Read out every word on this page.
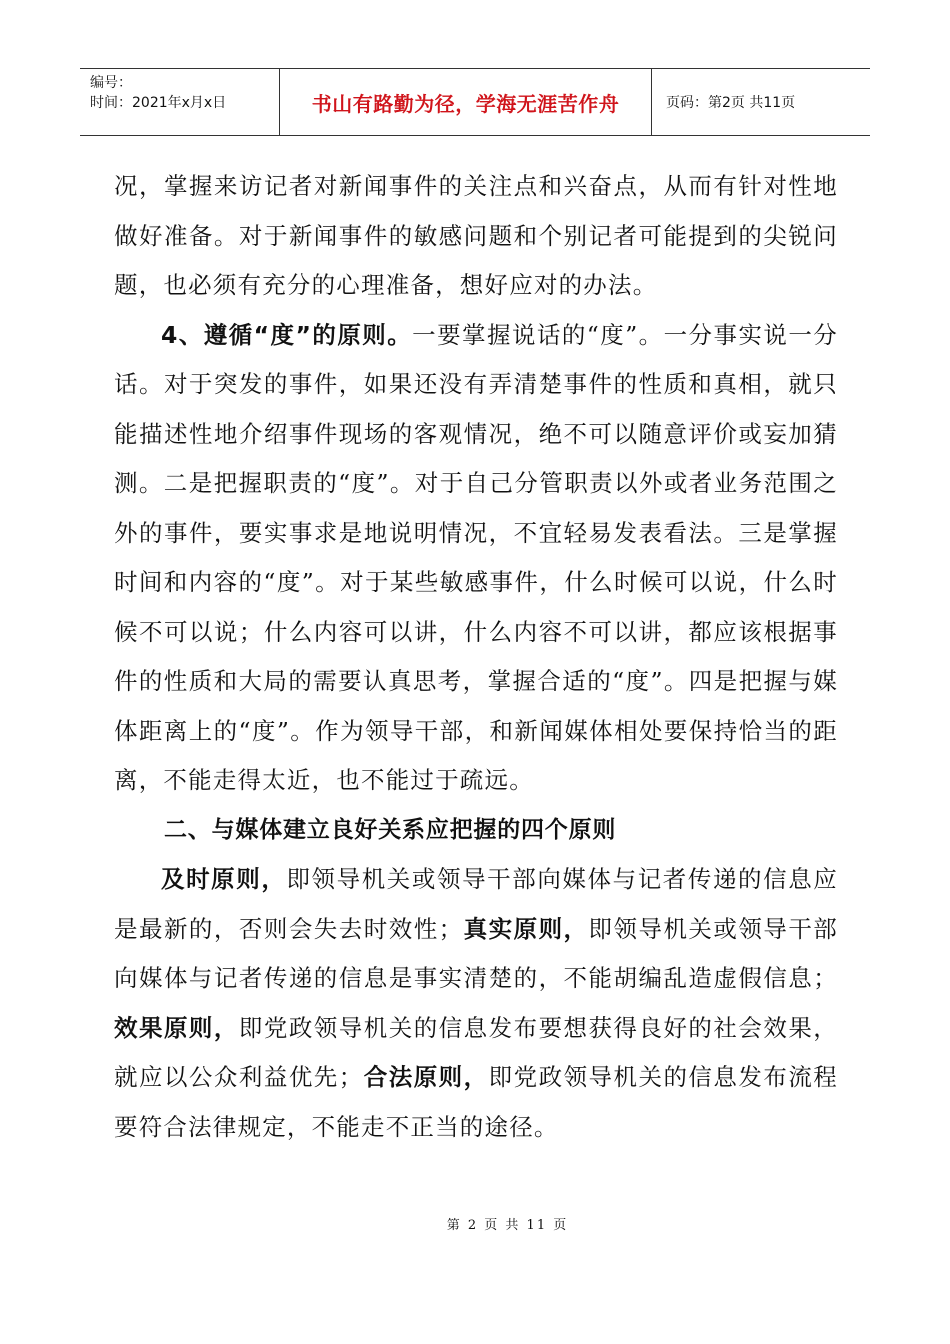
编号：
时间：2021年x月x日	书山有路勤为径，学海无涯苦作舟	页码：第2页 共11页

况，掌握来访记者对新闻事件的关注点和兴奋点，从而有针对性地做好准备。对于新闻事件的敏感问题和个别记者可能提到的尖锐问题，也必须有充分的心理准备，想好应对的办法。

4、遵循“度”的原则。一要掌握说话的“度”。一分事实说一分话。对于突发的事件，如果还没有弄清楚事件的性质和真相，就只能描述性地介绍事件现场的客观情况，绝不可以随意评价或妄加猜测。二是把握职责的“度”。对于自己分管职责以外或者业务范围之外的事件，要实事求是地说明情况，不宜轻易发表看法。三是掌握时间和内容的“度”。对于某些敏感事件，什么时候可以说，什么时候不可以说；什么内容可以讲，什么内容不可以讲，都应该根据事件的性质和大局的需要认真思考，掌握合适的“度”。四是把握与媒体距离上的“度”。作为领导干部，和新闻媒体相处要保持恰当的距离，不能走得太近，也不能过于疏远。

二、与媒体建立良好关系应把握的四个原则

及时原则，即领导机关或领导干部向媒体与记者传递的信息应是最新的，否则会失去时效性；真实原则，即领导机关或领导干部向媒体与记者传递的信息是事实清楚的，不能胡编乱造虚假信息；效果原则，即党政领导机关的信息发布要想获得良好的社会效果，就应以公众利益优先；合法原则，即党政领导机关的信息发布流程要符合法律规定，不能走不正当的途径。

第 2 页 共 11 页
